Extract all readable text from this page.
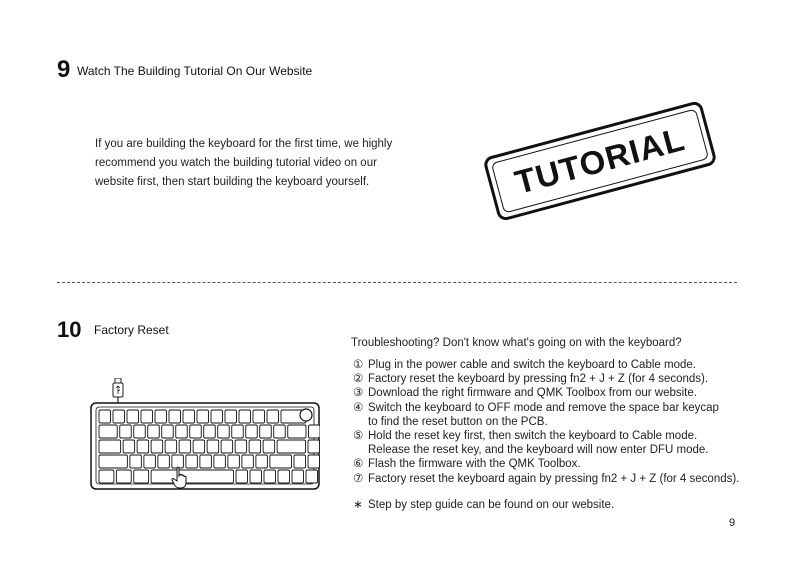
9 Watch The Building Tutorial On Our Website
If you are building the keyboard for the first time, we highly
recommend you watch the building tutorial video on our
website first, then start building the keyboard yourself.	TUTORIAL
10 Factory Reset
Troubleshooting? Don't know what's going on with the keyboard?
① Plug in the power cable and switch the keyboard to Cable mode.
② Factory reset the keyboard by pressing fn2 + J + Z (for 4 seconds).
③ Download the right firmware and QMK Toolbox from our website.
④ Switch the keyboard to OFF mode and remove the space bar keycap
to find the reset button on the PCB.
⑤ Hold the reset key first, then switch the keyboard to Cable mode.
Release the reset key, and the keyboard will now enter DFU mode.
⑥ Flash the firmware with the QMK Toolbox.
⑦ Factory reset the keyboard again by pressing fn2 + J + Z (for 4 seconds).
∗ Step by step guide can be found on our website.
9
